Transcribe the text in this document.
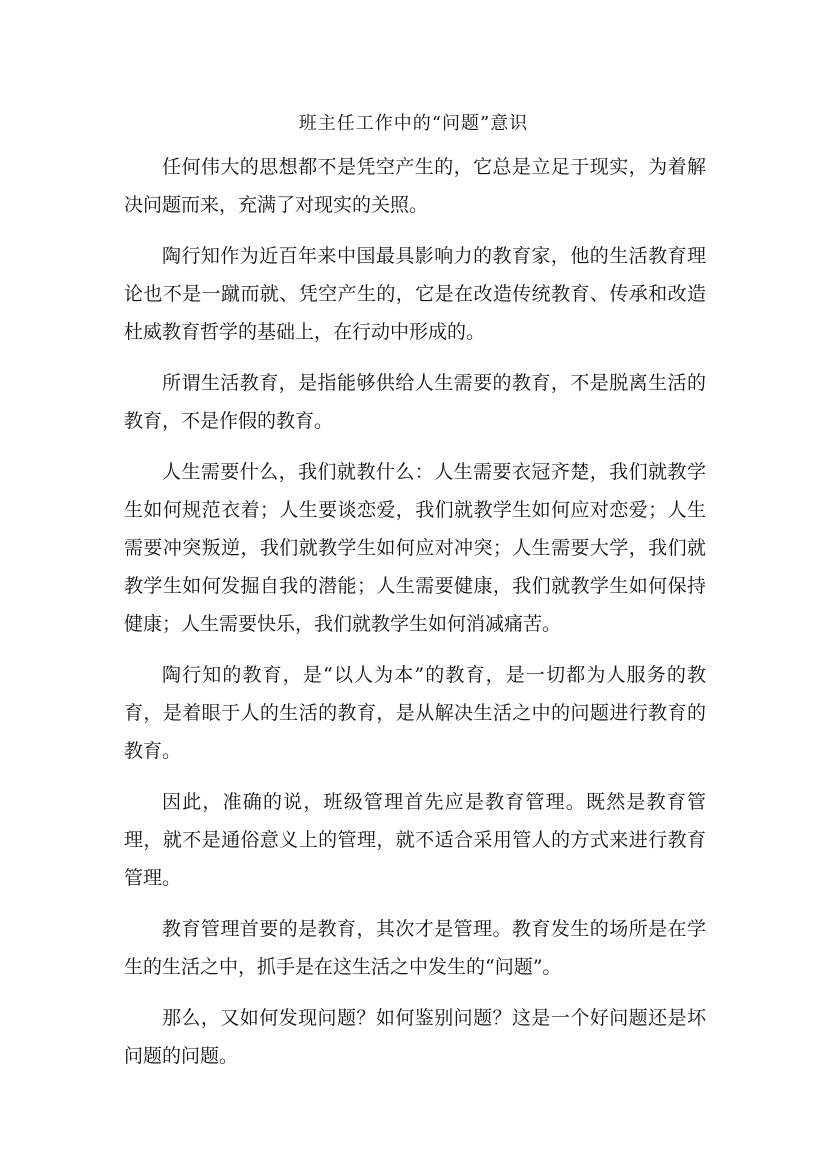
班主任工作中的“问题”意识

任何伟大的思想都不是凭空产生的，它总是立足于现实，为着解决问题而来，充满了对现实的关照。

陶行知作为近百年来中国最具影响力的教育家，他的生活教育理论也不是一蹴而就、凭空产生的，它是在改造传统教育、传承和改造杜威教育哲学的基础上，在行动中形成的。

所谓生活教育，是指能够供给人生需要的教育，不是脱离生活的教育，不是作假的教育。

人生需要什么，我们就教什么：人生需要衣冠齐楚，我们就教学生如何规范衣着；人生要谈恋爱，我们就教学生如何应对恋爱；人生需要冲突叛逆，我们就教学生如何应对冲突；人生需要大学，我们就教学生如何发掘自我的潜能；人生需要健康，我们就教学生如何保持健康；人生需要快乐，我们就教学生如何消减痛苦。

陶行知的教育，是“以人为本”的教育，是一切都为人服务的教育，是着眼于人的生活的教育，是从解决生活之中的问题进行教育的教育。

因此，准确的说，班级管理首先应是教育管理。既然是教育管理，就不是通俗意义上的管理，就不适合采用管人的方式来进行教育管理。

教育管理首要的是教育，其次才是管理。教育发生的场所是在学生的生活之中，抓手是在这生活之中发生的“问题”。

那么，又如何发现问题？如何鉴别问题？这是一个好问题还是坏问题的问题。
